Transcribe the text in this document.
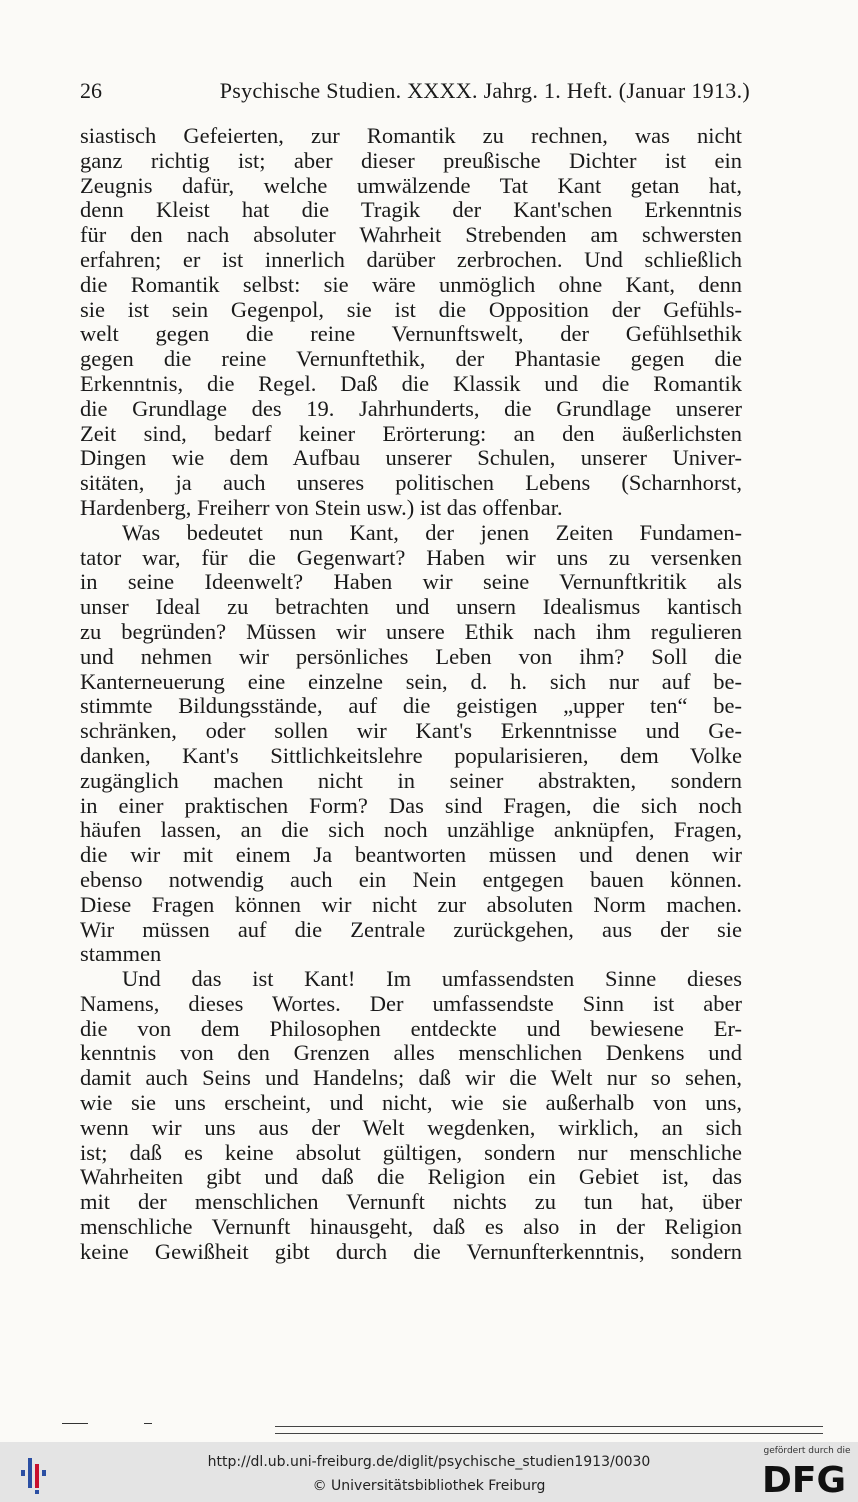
26	Psychische Studien. XXXX. Jahrg. 1. Heft. (Januar 1913.)
siastisch Gefeierten, zur Romantik zu rechnen, was nicht
ganz richtig ist; aber dieser preußische Dichter ist ein
Zeugnis dafür, welche umwälzende Tat Kant getan hat,
denn Kleist hat die Tragik der Kant'schen Erkenntnis
für den nach absoluter Wahrheit Strebenden am schwersten
erfahren; er ist innerlich darüber zerbrochen. Und schließlich
die Romantik selbst: sie wäre unmöglich ohne Kant, denn
sie ist sein Gegenpol, sie ist die Opposition der Gefühls-
welt gegen die reine Vernunftswelt, der Gefühlsethik
gegen die reine Vernunftethik, der Phantasie gegen die
Erkenntnis, die Regel. Daß die Klassik und die Romantik
die Grundlage des 19. Jahrhunderts, die Grundlage unserer
Zeit sind, bedarf keiner Erörterung: an den äußerlichsten
Dingen wie dem Aufbau unserer Schulen, unserer Univer-
sitäten, ja auch unseres politischen Lebens (Scharnhorst,
Hardenberg, Freiherr von Stein usw.) ist das offenbar.
Was bedeutet nun Kant, der jenen Zeiten Fundamen-
tator war, für die Gegenwart? Haben wir uns zu versenken
in seine Ideenwelt? Haben wir seine Vernunftkritik als
unser Ideal zu betrachten und unsern Idealismus kantisch
zu begründen? Müssen wir unsere Ethik nach ihm regulieren
und nehmen wir persönliches Leben von ihm? Soll die
Kanterneuerung eine einzelne sein, d. h. sich nur auf be-
stimmte Bildungsstände, auf die geistigen „upper ten“ be-
schränken, oder sollen wir Kant's Erkenntnisse und Ge-
danken, Kant's Sittlichkeitslehre popularisieren, dem Volke
zugänglich machen nicht in seiner abstrakten, sondern
in einer praktischen Form? Das sind Fragen, die sich noch
häufen lassen, an die sich noch unzählige anknüpfen, Fragen,
die wir mit einem Ja beantworten müssen und denen wir
ebenso notwendig auch ein Nein entgegen bauen können.
Diese Fragen können wir nicht zur absoluten Norm machen.
Wir müssen auf die Zentrale zurückgehen, aus der sie
stammen
Und das ist Kant! Im umfassendsten Sinne dieses
Namens, dieses Wortes. Der umfassendste Sinn ist aber
die von dem Philosophen entdeckte und bewiesene Er-
kenntnis von den Grenzen alles menschlichen Denkens und
damit auch Seins und Handelns; daß wir die Welt nur so sehen,
wie sie uns erscheint, und nicht, wie sie außerhalb von uns,
wenn wir uns aus der Welt wegdenken, wirklich, an sich
ist; daß es keine absolut gültigen, sondern nur menschliche
Wahrheiten gibt und daß die Religion ein Gebiet ist, das
mit der menschlichen Vernunft nichts zu tun hat, über
menschliche Vernunft hinausgeht, daß es also in der Religion
keine Gewißheit gibt durch die Vernunfterkenntnis, sondern
http://dl.ub.uni-freiburg.de/diglit/psychische_studien1913/0030
© Universitätsbibliothek Freiburg
gefördert durch die
DFG
